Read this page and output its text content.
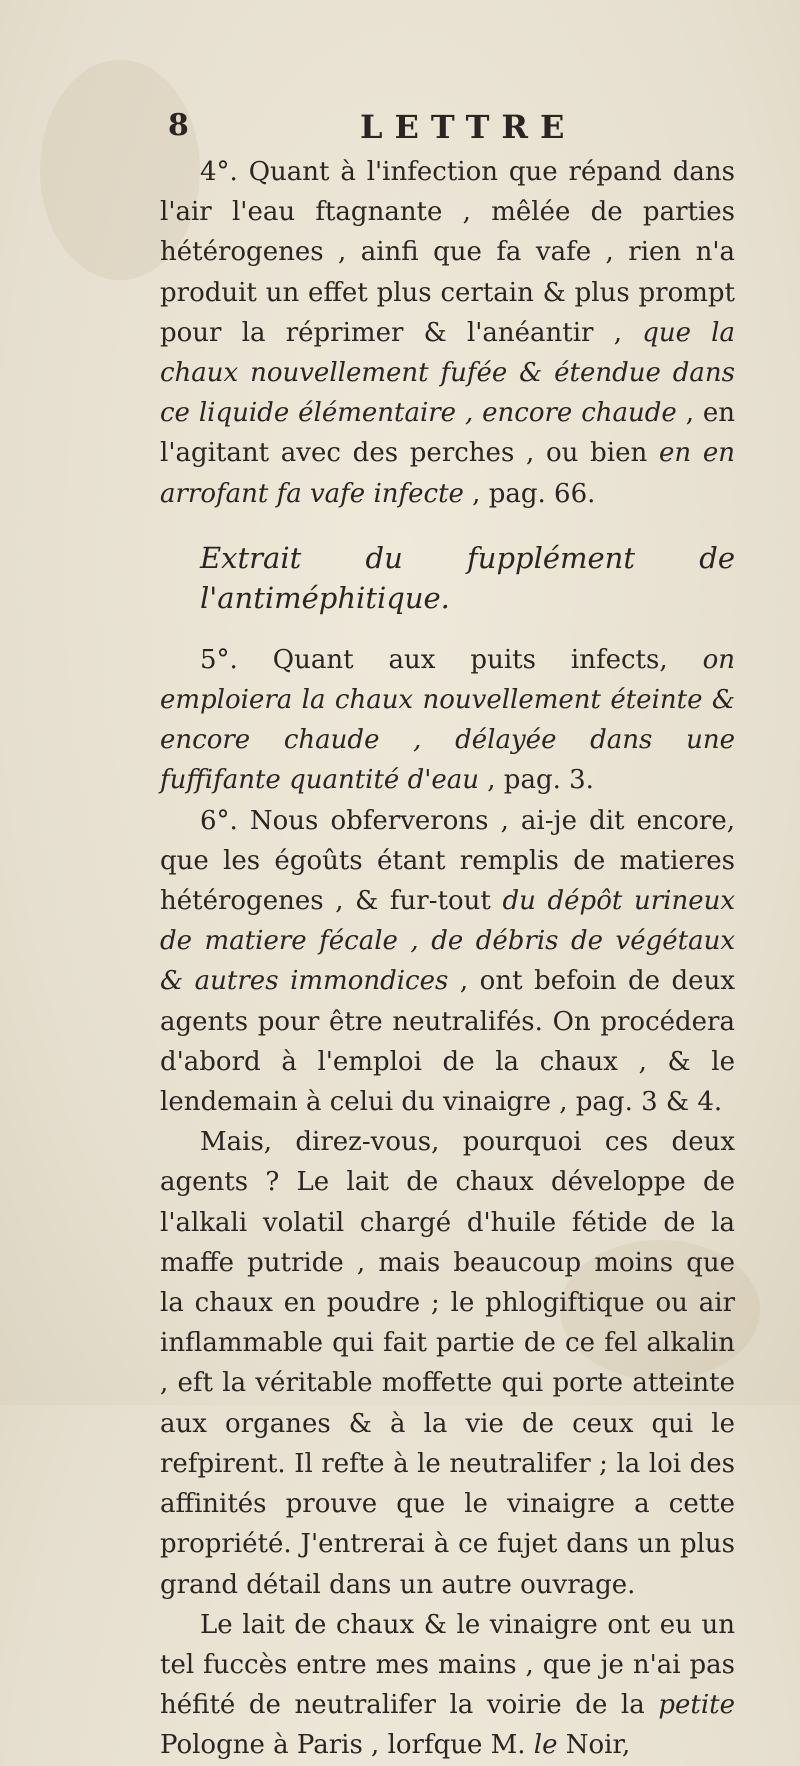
8	LETTRE

4°. Quant à l'infection que répand dans l'air l'eau ftagnante , mêlée de parties hétérogenes , ainfi que fa vafe , rien n'a produit un effet plus certain & plus prompt pour la réprimer & l'anéantir , que la chaux nouvellement fufée & étendue dans ce liquide élémentaire , encore chaude , en l'agitant avec des perches , ou bien en en arrofant fa vafe infecte , pag. 66.

Extrait du fupplément de l'antiméphitique.

5°. Quant aux puits infects, on emploiera la chaux nouvellement éteinte & encore chaude , délayée dans une fuffifante quantité d'eau , pag. 3.

6°. Nous obferverons , ai-je dit encore, que les égoûts étant remplis de matieres hétérogenes , & fur-tout du dépôt urineux de matiere fécale , de débris de végétaux & autres immondices , ont befoin de deux agents pour être neutralifés. On procédera d'abord à l'emploi de la chaux , & le lendemain à celui du vinaigre , pag. 3 & 4.

Mais, direz-vous, pourquoi ces deux agents ? Le lait de chaux développe de l'alkali volatil chargé d'huile fétide de la maffe putride , mais beaucoup moins que la chaux en poudre ; le phlogiftique ou air inflammable qui fait partie de ce fel alkalin , eft la véritable moffette qui porte atteinte aux organes & à la vie de ceux qui le refpirent. Il refte à le neutralifer ; la loi des affinités prouve que le vinaigre a cette propriété. J'entrerai à ce fujet dans un plus grand détail dans un autre ouvrage.

Le lait de chaux & le vinaigre ont eu un tel fuccès entre mes mains , que je n'ai pas héfité de neutralifer la voirie de la petite Pologne à Paris , lorfque M. le Noir,
